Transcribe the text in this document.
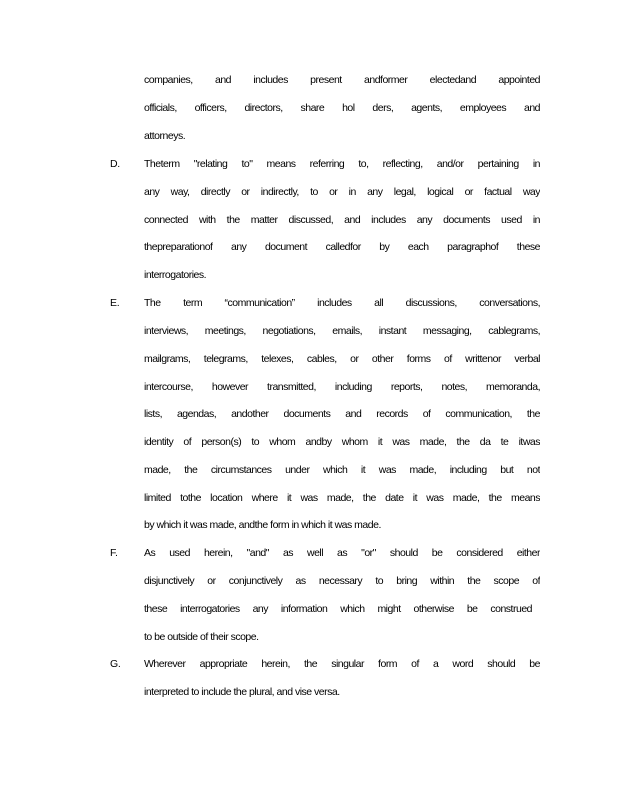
companies, and includes present andformer electedand appointed
officials, officers, directors, share hol ders, agents, employees and
attorneys.
D. Theterm "relating to" means referring to, reflecting, and/or pertaining in
any way, directly or indirectly, to or in any legal, logical or factual way
connected with the matter discussed, and includes any documents used in
thepreparationof any document calledfor by each paragraphof these
interrogatories.
E. The term “communication” includes all discussions, conversations,
interviews, meetings, negotiations, emails, instant messaging, cablegrams,
mailgrams, telegrams, telexes, cables, or other forms of writtenor verbal
intercourse, however transmitted, including reports, notes, memoranda,
lists, agendas, andother documents and records of communication, the
identity of person(s) to whom andby whom it was made, the da te itwas
made, the circumstances under which it was made, including but not
limited tothe location where it was made, the date it was made, the means
by which it was made, andthe form in which it was made.
F.	As used herein, "and" as well as "or" should be considered either
disjunctively or conjunctively as necessary to bring within the scope of
these interrogatories any information which might otherwise be construed
to be outside of their scope.
G. Wherever appropriate herein, the singular form of a word should be
interpreted to include the plural, and vise versa.
